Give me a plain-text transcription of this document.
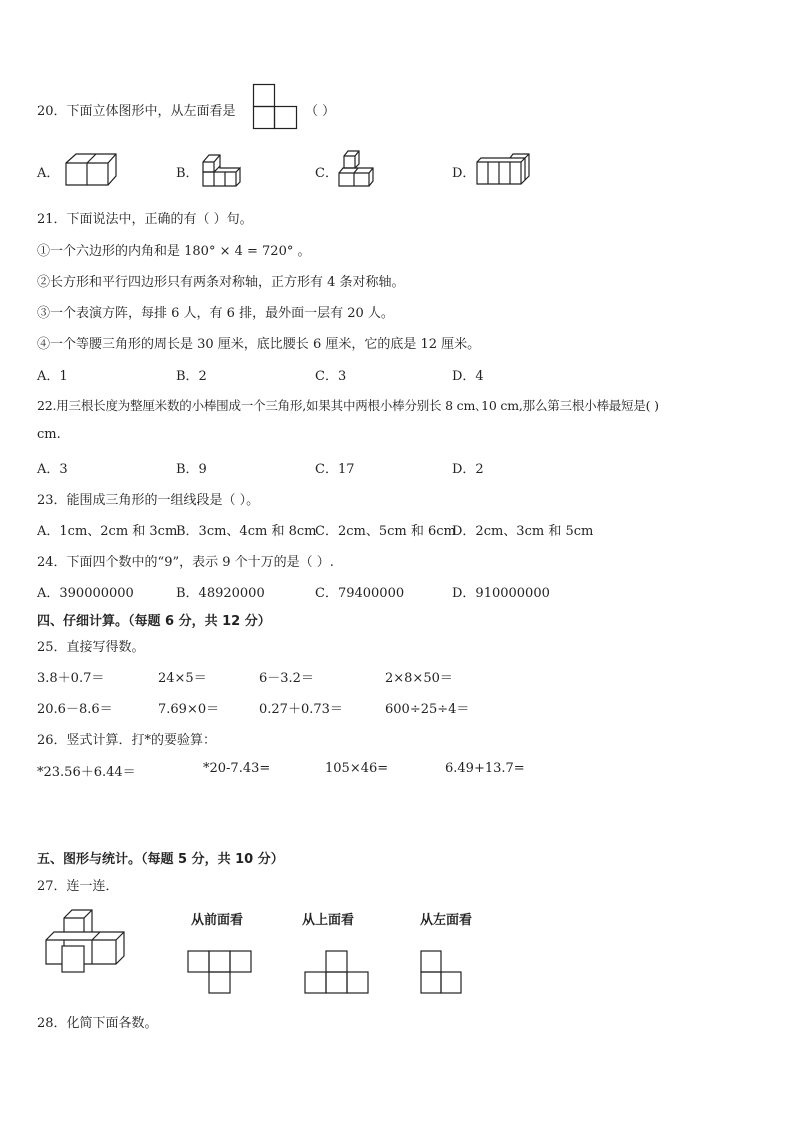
20．下面立体图形中，从左面看是	（ ）
A．	B．	C．	D．
21．下面说法中，正确的有（ ）句。
①一个六边形的内角和是 180° × 4 = 720° 。
②长方形和平行四边形只有两条对称轴，正方形有 4 条对称轴。
③一个表演方阵，每排 6 人，有 6 排，最外面一层有 20 人。
④一个等腰三角形的周长是 30 厘米，底比腰长 6 厘米，它的底是 12 厘米。
A．1	B．2	C．3	D．4
22.用三根长度为整厘米数的小棒围成一个三角形,如果其中两根小棒分别长 8 cm､10 cm,那么第三根小棒最短是( )
cm.
A．3	B．9	C．17	D．2
23．能围成三角形的一组线段是（ ）。
A．1cm、2cm 和 3cm
B．3cm、4cm 和 8cm
C．2cm、5cm 和 6cm
D．2cm、3cm 和 5cm
24．下面四个数中的“9”，表示 9 个十万的是（ ）.
A．390000000	B．48920000	C．79400000	D．910000000
四、仔细计算。（每题 6 分，共 12 分）
25．直接写得数。
3.8＋0.7＝	24×5＝	6－3.2＝	2×8×50＝
20.6－8.6＝	7.69×0＝	0.27＋0.73＝	600÷25÷4＝
26．竖式计算．打*的要验算：
*23.56＋6.44＝	*20-7.43=	105×46=	6.49+13.7=
五、图形与统计。（每题 5 分，共 10 分）
27．连一连．
从前面看	从上面看	从左面看
28．化简下面各数。
